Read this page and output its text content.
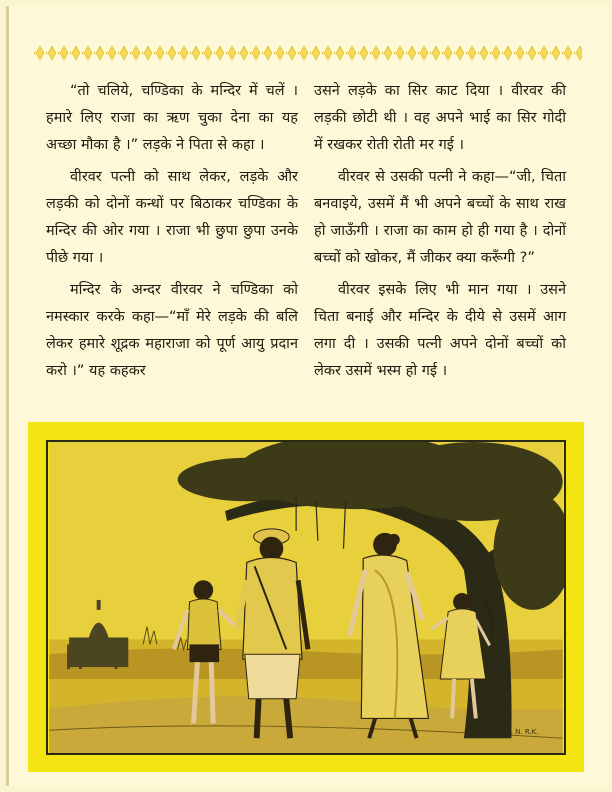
“तो चलिये, चण्डिका के मन्दिर में चलें । हमारे लिए राजा का ऋण चुका देना का यह अच्छा मौका है ।” लड़के ने पिता से कहा ।

वीरवर पत्नी को साथ लेकर, लड़के और लड़की को दोनों कन्धों पर बिठाकर चण्डिका के मन्दिर की ओर गया । राजा भी छुपा छुपा उनके पीछे गया ।

मन्दिर के अन्दर वीरवर ने चण्डिका को नमस्कार करके कहा—“माँ मेरे लड़के की बलि लेकर हमारे शूद्रक महाराजा को पूर्ण आयु प्रदान करो ।” यह कहकर

उसने लड़के का सिर काट दिया । वीरवर की लड़की छोटी थी । वह अपने भाई का सिर गोदी में रखकर रोती रोती मर गई ।

वीरवर से उसकी पत्नी ने कहा—“जी, चिता बनवाइये, उसमें मैं भी अपने बच्चों के साथ राख हो जाऊँगी । राजा का काम हो ही गया है । दोनों बच्चों को खोकर, मैं जीकर क्या करूँगी ?”

वीरवर इसके लिए भी मान गया । उसने चिता बनाई और मन्दिर के दीये से उसमें आग लगा दी । उसकी पत्नी अपने दोनों बच्चों को लेकर उसमें भस्म हो गई ।

M.S. N. R.K.
